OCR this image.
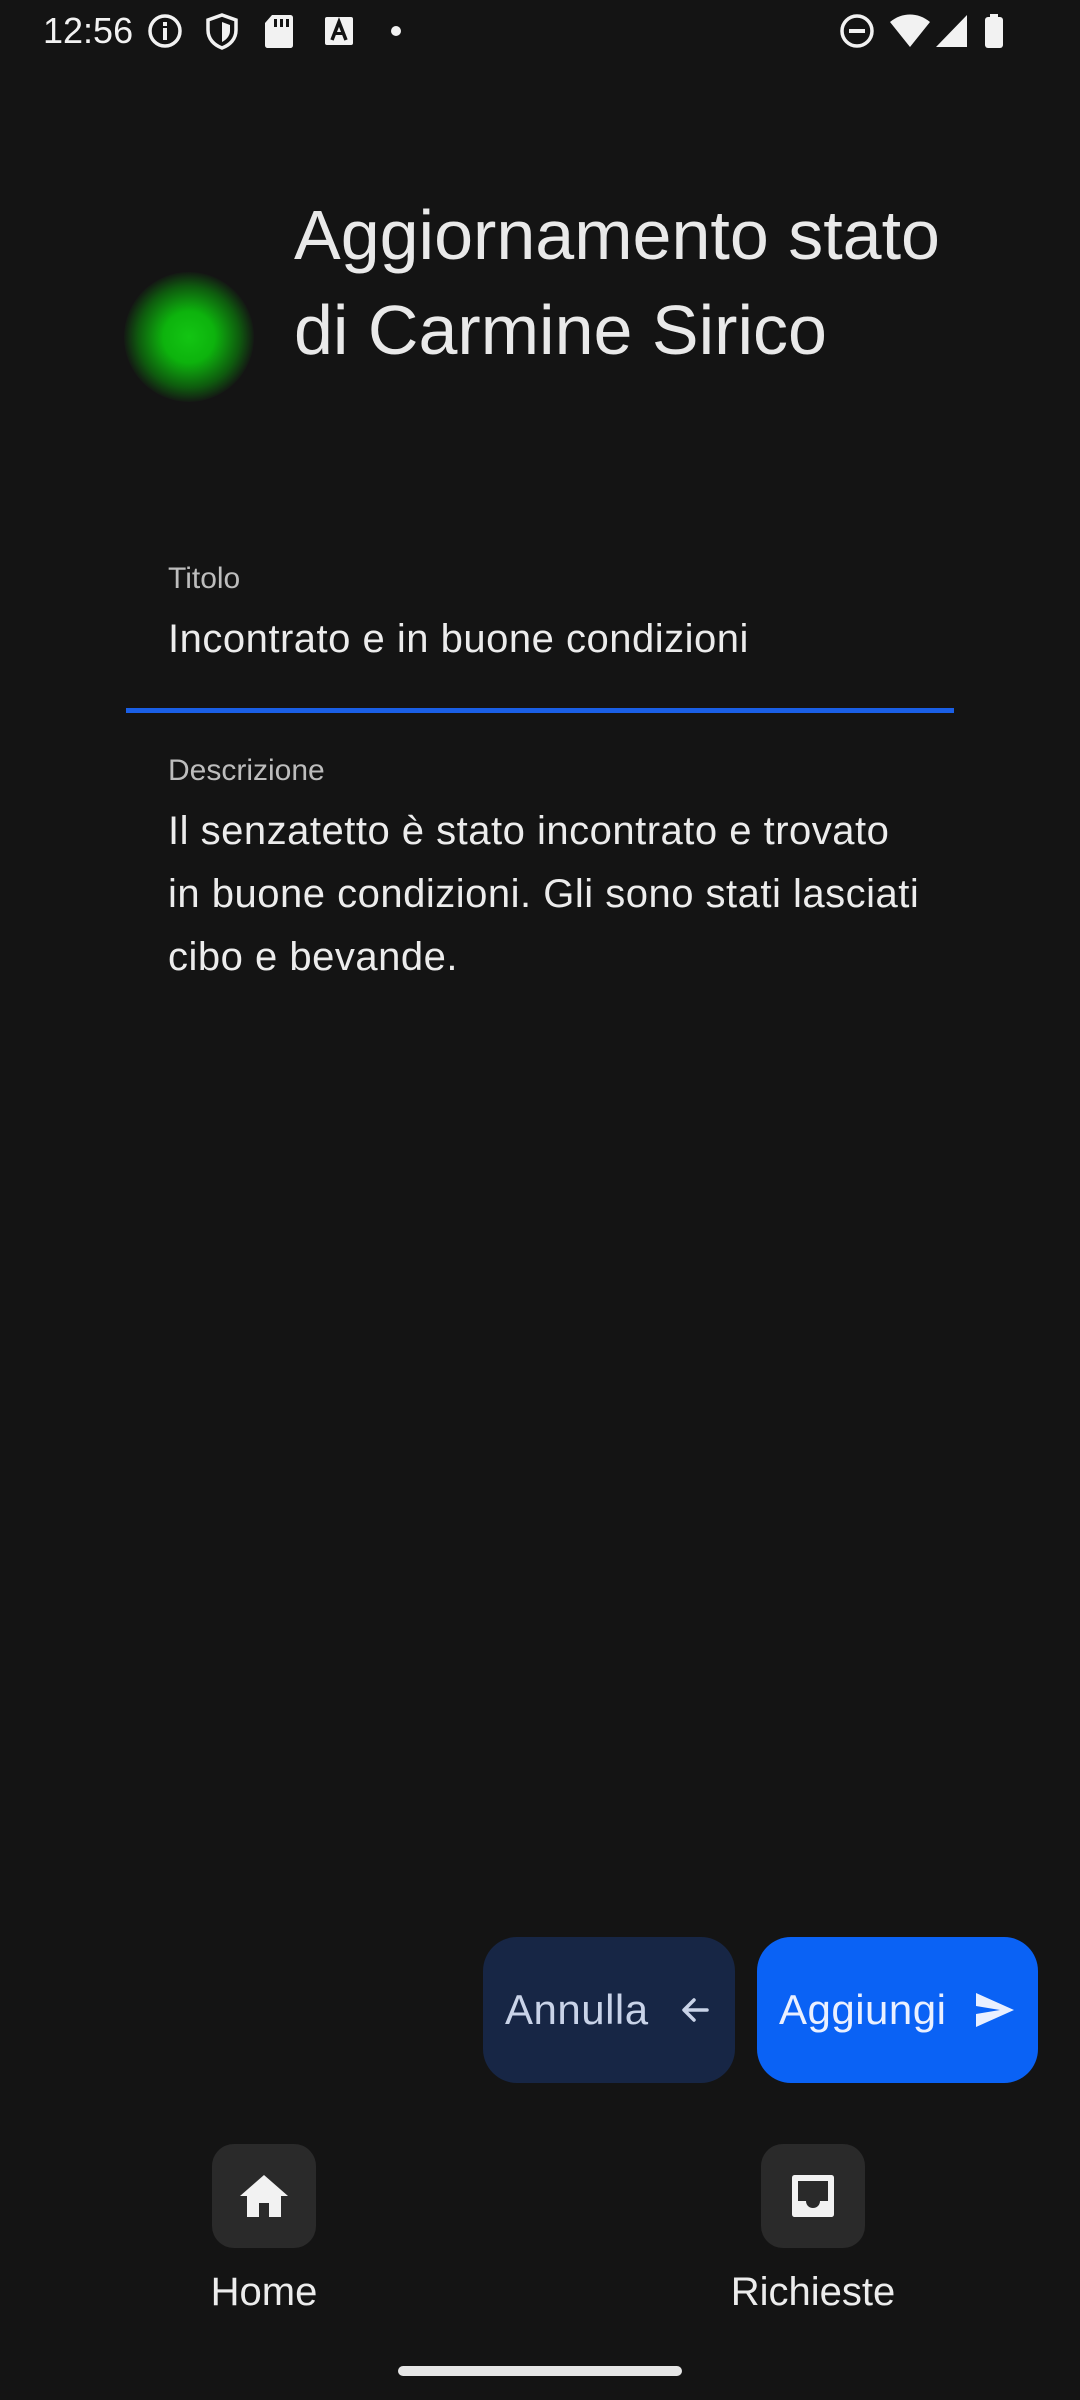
12:56
Aggiornamento stato di Carmine Sirico
Titolo
Incontrato e in buone condizioni
Descrizione
Il senzatetto è stato incontrato e trovato in buone condizioni. Gli sono stati lasciati cibo e bevande.
Annulla	Aggiungi
Home	Richieste
